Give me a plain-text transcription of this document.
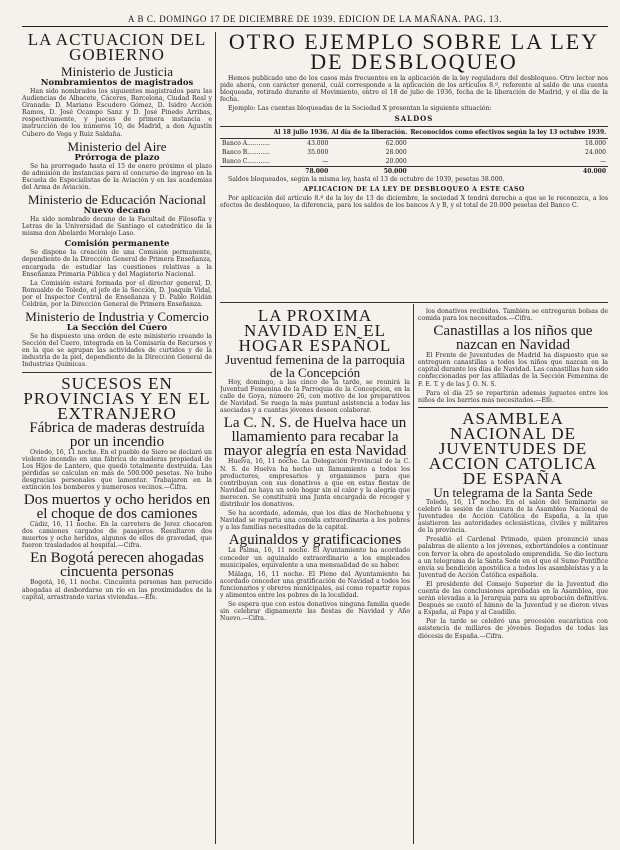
A B C. DOMINGO 17 DE DICIEMBRE DE 1939. EDICION DE LA MAÑANA. PAG. 13.
LA ACTUACION DEL GOBIERNO
Ministerio de Justicia
Nombramientos de magistrados

Han sido nombrados los siguientes magistrados para las Audiencias de Albacete, Cáceres, Barcelona, Ciudad Real y Granada: D. Mariano Escudero Gómez, D. Isidro Acción Ramos, D. José Ocampo Sanz y D. José Pinedo Arribas, respectivamente, y jueces de primera instancia e instrucción de los números 10, de Madrid, a don Agustín Cubero de Vega y Ruiz Saldaña.

Ministerio del Aire
Prórroga de plazo

Se ha prorrogado hasta el 15 de enero próximo el plazo de admisión de instancias para el concurso de ingreso en la Escuela de Especialistas de la Aviación y en las academias del Arma de Aviación.

Ministerio de Educación Nacional
Nuevo decano

Ha sido nombrado decano de la Facultad de Filosofía y Letras de la Universidad de Santiago el catedrático de la misma don Abelardo Moralejo Laso.

Comisión permanente

Se dispone la creación de una Comisión permanente, dependiente de la Dirección General de Primera Enseñanza, encargada de estudiar las cuestiones relativas a la Enseñanza Primaria Pública y del Magisterio Nacional.

La Comisión estará formada por el director general, D. Romualdo de Toledo, el jefe de la Sección, D. Joaquín Vidal, por el Inspector Central de Enseñanza y D. Pablo Roldán Celdrán, por la Dirección General de Primera Enseñanza.

Ministerio de Industria y Comercio
La Sección del Cuero

Se ha dispuesto una orden de este ministerio creando la Sección del Cuero, integrada en la Comisaría de Recursos y en la que se agrupan las actividades de curtidos y de la industria de la piel, dependiente de la Dirección General de Industrias Químicas.

SUCESOS EN PROVINCIAS Y EN EL EXTRANJERO
Fábrica de maderas destruída por un incendio

Oviedo, 16, 11 noche. En el pueblo de Siero se declaró un violento incendio en una fábrica de maderas propiedad de Los Hijos de Lantero, que quedó totalmente destruída. Las pérdidas se calculan en más de 500.000 pesetas. No hubo desgracias personales que lamentar. Trabajaron en la extinción los bomberos y numerosos vecinos.—Cifra.

Dos muertos y ocho heridos en el choque de dos camiones

Cádiz, 16, 11 noche. En la carretera de Jerez chocaron dos camiones cargados de pasajeros. Resultaron dos muertos y ocho heridos, algunos de ellos de gravedad, que fueron trasladados al hospital.—Cifra.

En Bogotá perecen ahogadas cincuenta personas

Bogotá, 16, 11 noche. Cincuenta personas han perecido ahogadas al desbordarse un río en las proximidades de la capital, arrastrando varias viviendas.—Efe.

OTRO EJEMPLO SOBRE LA LEY DE DESBLOQUEO

Hemos publicado uno de los casos más frecuentes en la aplicación de la ley reguladora del desbloqueo. Otro lector nos pide ahora, con carácter general, cuál corresponde a la aplicación de los artículos 8.º, referente al saldo de una cuenta bloqueada, retirado durante el Movimiento, entre el 18 de julio de 1936, fecha de la liberación de Madrid, y el día de la fecha.

Ejemplo: Las cuentas bloqueadas de la Sociedad X presentan la siguiente situación:

SALDOS
	Al 18 julio 1936.	Al día de la liberación.	Reconocidos como efectivos según la ley 13 octubre 1939.
Banco A............	43.000	62.000	18.000
Banco B............	35.000	28.000	24.000
Banco C............	—	20.000	—
	78.000	50.000	40.000

Saldos bloqueados, según la misma ley, hasta el 13 de octubre de 1939, pesetas 38.000.

APLICACION DE LA LEY DE DESBLOQUEO A ESTE CASO

Por aplicación del artículo 8.º de la ley de 13 de diciembre, la sociedad X tendrá derecho a que se le reconozca, a los efectos de desbloqueo, la diferencia, para los saldos de los bancos A y B, y el total de 20.000 pesetas del Banco C.

LA PROXIMA NAVIDAD EN EL HOGAR ESPAÑOL
Juventud femenina de la parroquia de la Concepción

Hoy, domingo, a las cinco de la tarde, se reunirá la Juventud Femenina de la Parroquia de la Concepción, en la calle de Goya, número 26, con motivo de los preparativos de Navidad. Se ruega la más puntual asistencia a todas las asociadas y a cuantas jóvenes deseen colaborar.

La C. N. S. de Huelva hace un llamamiento para recabar la mayor alegría en esta Navidad

Huelva, 16, 11 noche. La Delegación Provincial de la C. N. S. de Huelva ha hecho un llamamiento a todos los productores, empresarios y organismos para que contribuyan con sus donativos a que en estas fiestas de Navidad no haya un solo hogar sin el calor y la alegría que merecen. Se constituirá una Junta encargada de recoger y distribuir los donativos.

Se ha acordado, además, que los días de Nochebuena y Navidad se reparta una comida extraordinaria a los pobres y a las familias necesitadas de la capital.

Aguinaldos y gratificaciones

La Palma, 16, 11 noche. El Ayuntamiento ha acordado conceder un aguinaldo extraordinario a los empleados municipales, equivalente a una mensualidad de su haber.

Málaga, 16, 11 noche. El Pleno del Ayuntamiento ha acordado conceder una gratificación de Navidad a todos los funcionarios y obreros municipales, así como repartir ropas y alimentos entre los pobres de la localidad.

Se espera que con estos donativos ninguna familia quede sin celebrar dignamente las fiestas de Navidad y Año Nuevo.—Cifra.

los donativos recibidos. También se entregarán bolsas de comida para los necesitados.—Cifra.

Canastillas a los niños que nazcan en Navidad

El Frente de Juventudes de Madrid ha dispuesto que se entreguen canastillas a todos los niños que nazcan en la capital durante los días de Navidad. Las canastillas han sido confeccionadas por las afiliadas de la Sección Femenina de F. E. T. y de las J. O. N. S.

Para el día 25 se repartirán además juguetes entre los niños de los barrios más necesitados.—Efe.

ASAMBLEA NACIONAL DE JUVENTUDES DE ACCION CATOLICA DE ESPAÑA
Un telegrama de la Santa Sede

Toledo, 16, 11 noche. En el salón del Seminario se celebró la sesión de clausura de la Asamblea Nacional de Juventudes de Acción Católica de España, a la que asistieron las autoridades eclesiásticas, civiles y militares de la provincia.

Presidió el Cardenal Primado, quien pronunció unas palabras de aliento a los jóvenes, exhortándoles a continuar con fervor la obra de apostolado emprendida. Se dio lectura a un telegrama de la Santa Sede en el que el Sumo Pontífice envía su bendición apostólica a todos los asambleístas y a la Juventud de Acción Católica española.

El presidente del Consejo Superior de la Juventud dio cuenta de las conclusiones aprobadas en la Asamblea, que serán elevadas a la Jerarquía para su aprobación definitiva. Después se cantó el himno de la Juventud y se dieron vivas a España, al Papa y al Caudillo.

Por la tarde se celebró una procesión eucarística con asistencia de millares de jóvenes llegados de todas las diócesis de España.—Cifra.
